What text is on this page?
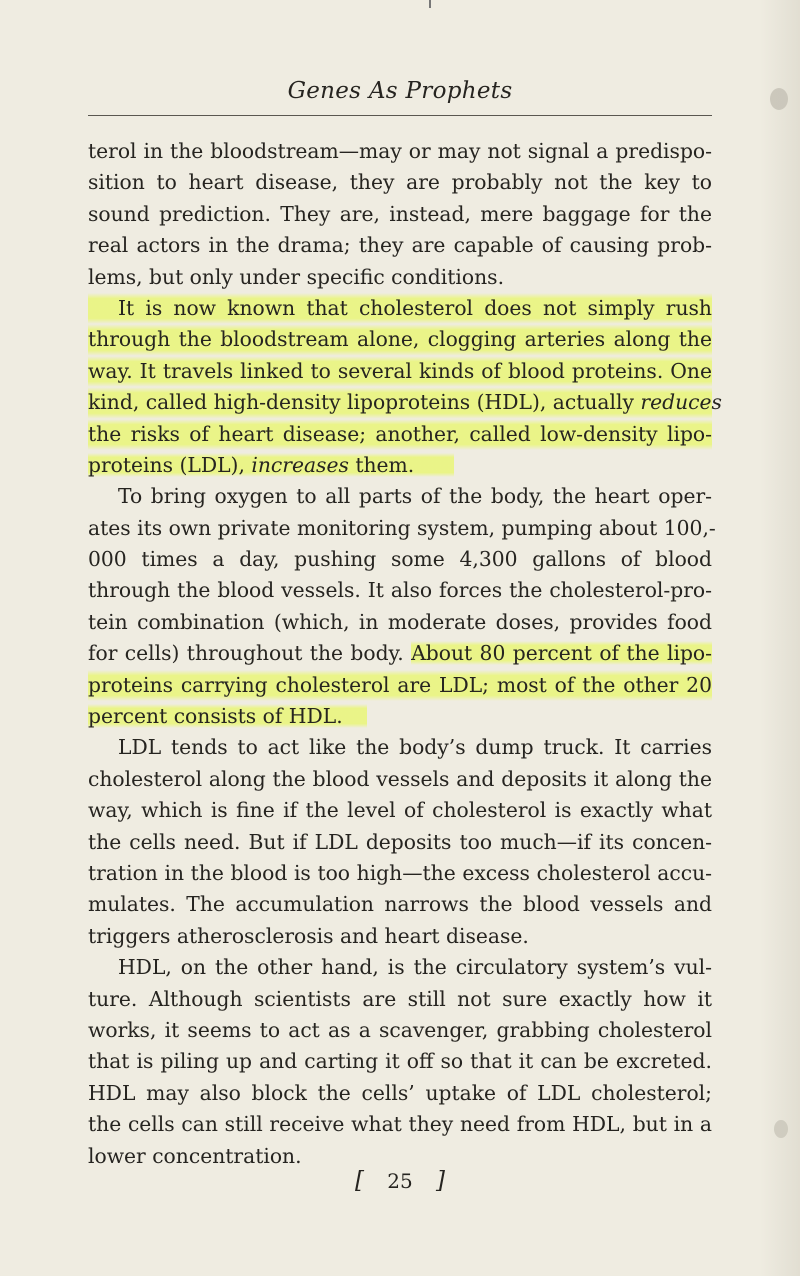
Genes As Prophets
terol in the bloodstream—may or may not signal a predispo-
sition to heart disease, they are probably not the key to
sound prediction. They are, instead, mere baggage for the
real actors in the drama; they are capable of causing prob-
lems, but only under specific conditions.
It is now known that cholesterol does not simply rush
through the bloodstream alone, clogging arteries along the
way. It travels linked to several kinds of blood proteins. One
kind, called high-density lipoproteins (HDL), actually reduces
the risks of heart disease; another, called low-density lipo-
proteins (LDL), increases them.
To bring oxygen to all parts of the body, the heart oper-
ates its own private monitoring system, pumping about 100,-
000 times a day, pushing some 4,300 gallons of blood
through the blood vessels. It also forces the cholesterol-pro-
tein combination (which, in moderate doses, provides food
for cells) throughout the body. About 80 percent of the lipo-
proteins carrying cholesterol are LDL; most of the other 20
percent consists of HDL.
LDL tends to act like the body’s dump truck. It carries
cholesterol along the blood vessels and deposits it along the
way, which is fine if the level of cholesterol is exactly what
the cells need. But if LDL deposits too much—if its concen-
tration in the blood is too high—the excess cholesterol accu-
mulates. The accumulation narrows the blood vessels and
triggers atherosclerosis and heart disease.
HDL, on the other hand, is the circulatory system’s vul-
ture. Although scientists are still not sure exactly how it
works, it seems to act as a scavenger, grabbing cholesterol
that is piling up and carting it off so that it can be excreted.
HDL may also block the cells’ uptake of LDL cholesterol;
the cells can still receive what they need from HDL, but in a
lower concentration.
[ 25 ]
